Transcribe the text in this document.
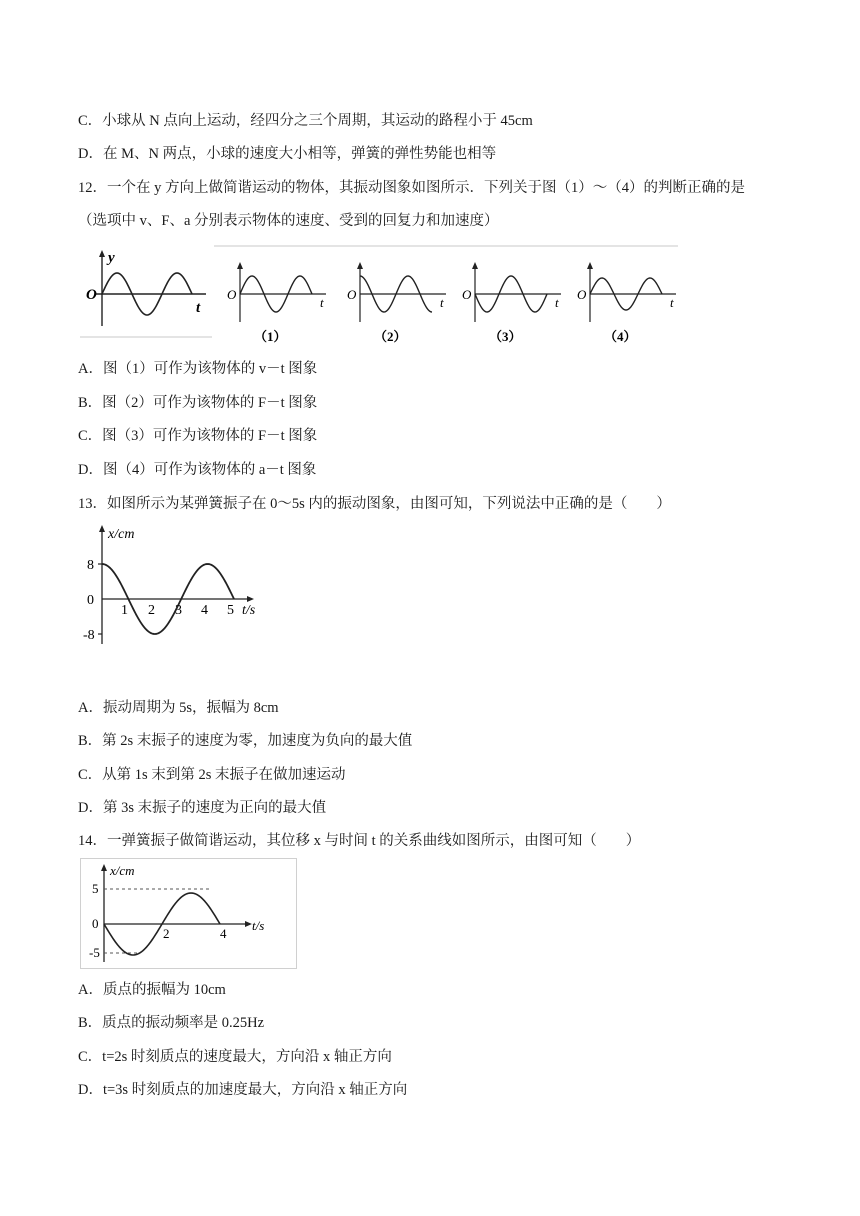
C．小球从 N 点向上运动，经四分之三个周期，其运动的路程小于 45cm
D．在 M、N 两点，小球的速度大小相等，弹簧的弹性势能也相等
12．一个在 y 方向上做简谐运动的物体，其振动图象如图所示．下列关于图（1）～（4）的判断正确的是
（选项中 v、F、a 分别表示物体的速度、受到的回复力和加速度）
y
O
t
O
t
（1）
O
t
（2）
O
t
（3）
O
t
（4）
A．图（1）可作为该物体的 v－t 图象
B．图（2）可作为该物体的 F－t 图象
C．图（3）可作为该物体的 F－t 图象
D．图（4）可作为该物体的 a－t 图象
13．如图所示为某弹簧振子在 0～5s 内的振动图象，由图可知，下列说法中正确的是（　　）
x/cm
t/s
8
0
-8
1 2 3 4 5
A．振动周期为 5s，振幅为 8cm
B．第 2s 末振子的速度为零，加速度为负向的最大值
C．从第 1s 末到第 2s 末振子在做加速运动
D．第 3s 末振子的速度为正向的最大值
14．一弹簧振子做简谐运动，其位移 x 与时间 t 的关系曲线如图所示，由图可知（　　）
x/cm
t/s
5
0
-5
2	4
A．质点的振幅为 10cm
B．质点的振动频率是 0.25Hz
C．t=2s 时刻质点的速度最大，方向沿 x 轴正方向
D．t=3s 时刻质点的加速度最大，方向沿 x 轴正方向
